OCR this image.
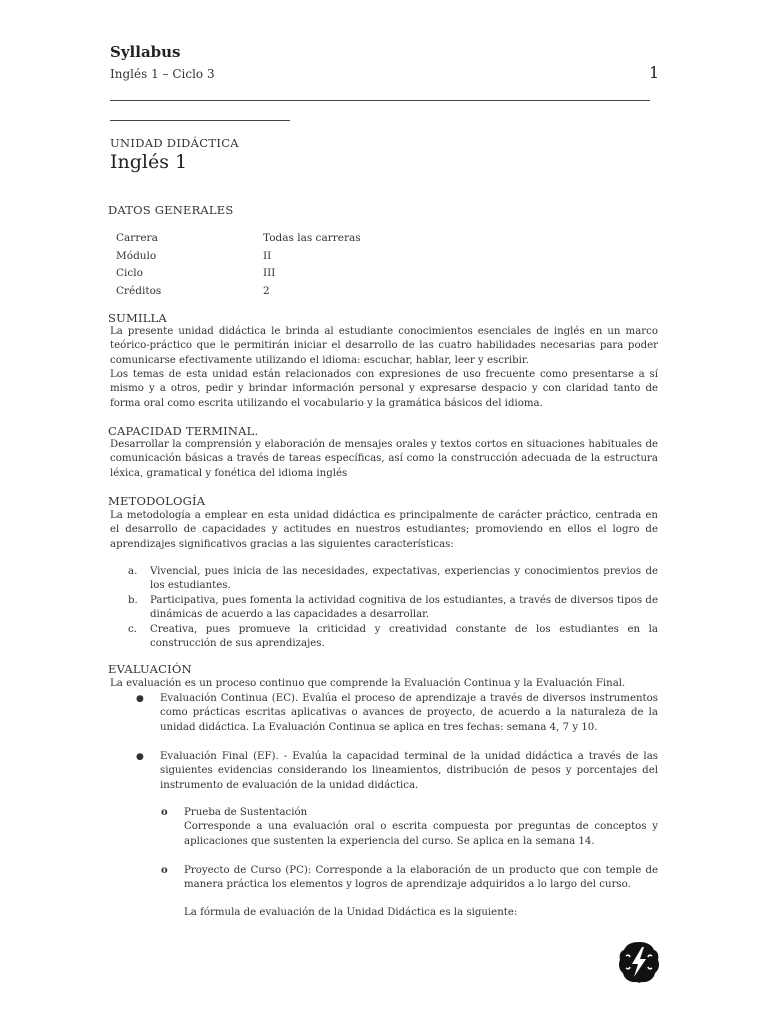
Syllabus
Inglés 1 – Ciclo 3	1
UNIDAD DIDÁCTICA
Inglés 1
DATOS GENERALES
Carrera	Todas las carreras
Módulo	II
Ciclo	III
Créditos	2
SUMILLA

La presente unidad didáctica le brinda al estudiante conocimientos esenciales de inglés en un marco teórico-práctico que le permitirán iniciar el desarrollo de las cuatro habilidades necesarias para poder comunicarse efectivamente utilizando el idioma: escuchar, hablar, leer y escribir.

Los temas de esta unidad están relacionados con expresiones de uso frecuente como presentarse a sí mismo y a otros, pedir y brindar información personal y expresarse despacio y con claridad tanto de forma oral como escrita utilizando el vocabulario y la gramática básicos del idioma.

CAPACIDAD TERMINAL.

Desarrollar la comprensión y elaboración de mensajes orales y textos cortos en situaciones habituales de comunicación básicas a través de tareas específicas, así como la construcción adecuada de la estructura léxica, gramatical y fonética del idioma inglés

METODOLOGÍA

La metodología a emplear en esta unidad didáctica es principalmente de carácter práctico, centrada en el desarrollo de capacidades y actitudes en nuestros estudiantes; promoviendo en ellos el logro de aprendizajes significativos gracias a las siguientes características:

a. Vivencial, pues inicia de las necesidades, expectativas, experiencias y conocimientos previos de los estudiantes.
b. Participativa, pues fomenta la actividad cognitiva de los estudiantes, a través de diversos tipos de dinámicas de acuerdo a las capacidades a desarrollar.
c. Creativa, pues promueve la criticidad y creatividad constante de los estudiantes en la construcción de sus aprendizajes.
EVALUACIÓN

La evaluación es un proceso continuo que comprende la Evaluación Continua y la Evaluación Final.

● Evaluación Continua (EC). Evalúa el proceso de aprendizaje a través de diversos instrumentos como prácticas escritas aplicativas o avances de proyecto, de acuerdo a la naturaleza de la unidad didáctica. La Evaluación Continua se aplica en tres fechas: semana 4, 7 y 10.
● Evaluación Final (EF). - Evalúa la capacidad terminal de la unidad didáctica a través de las siguientes evidencias considerando los lineamientos, distribución de pesos y porcentajes del instrumento de evaluación de la unidad didáctica.
o Prueba de Sustentación
Corresponde a una evaluación oral o escrita compuesta por preguntas de conceptos y aplicaciones que sustenten la experiencia del curso. Se aplica en la semana 14.
o Proyecto de Curso (PC): Corresponde a la elaboración de un producto que con temple de manera práctica los elementos y logros de aprendizaje adquiridos a lo largo del curso.
La fórmula de evaluación de la Unidad Didáctica es la siguiente:
